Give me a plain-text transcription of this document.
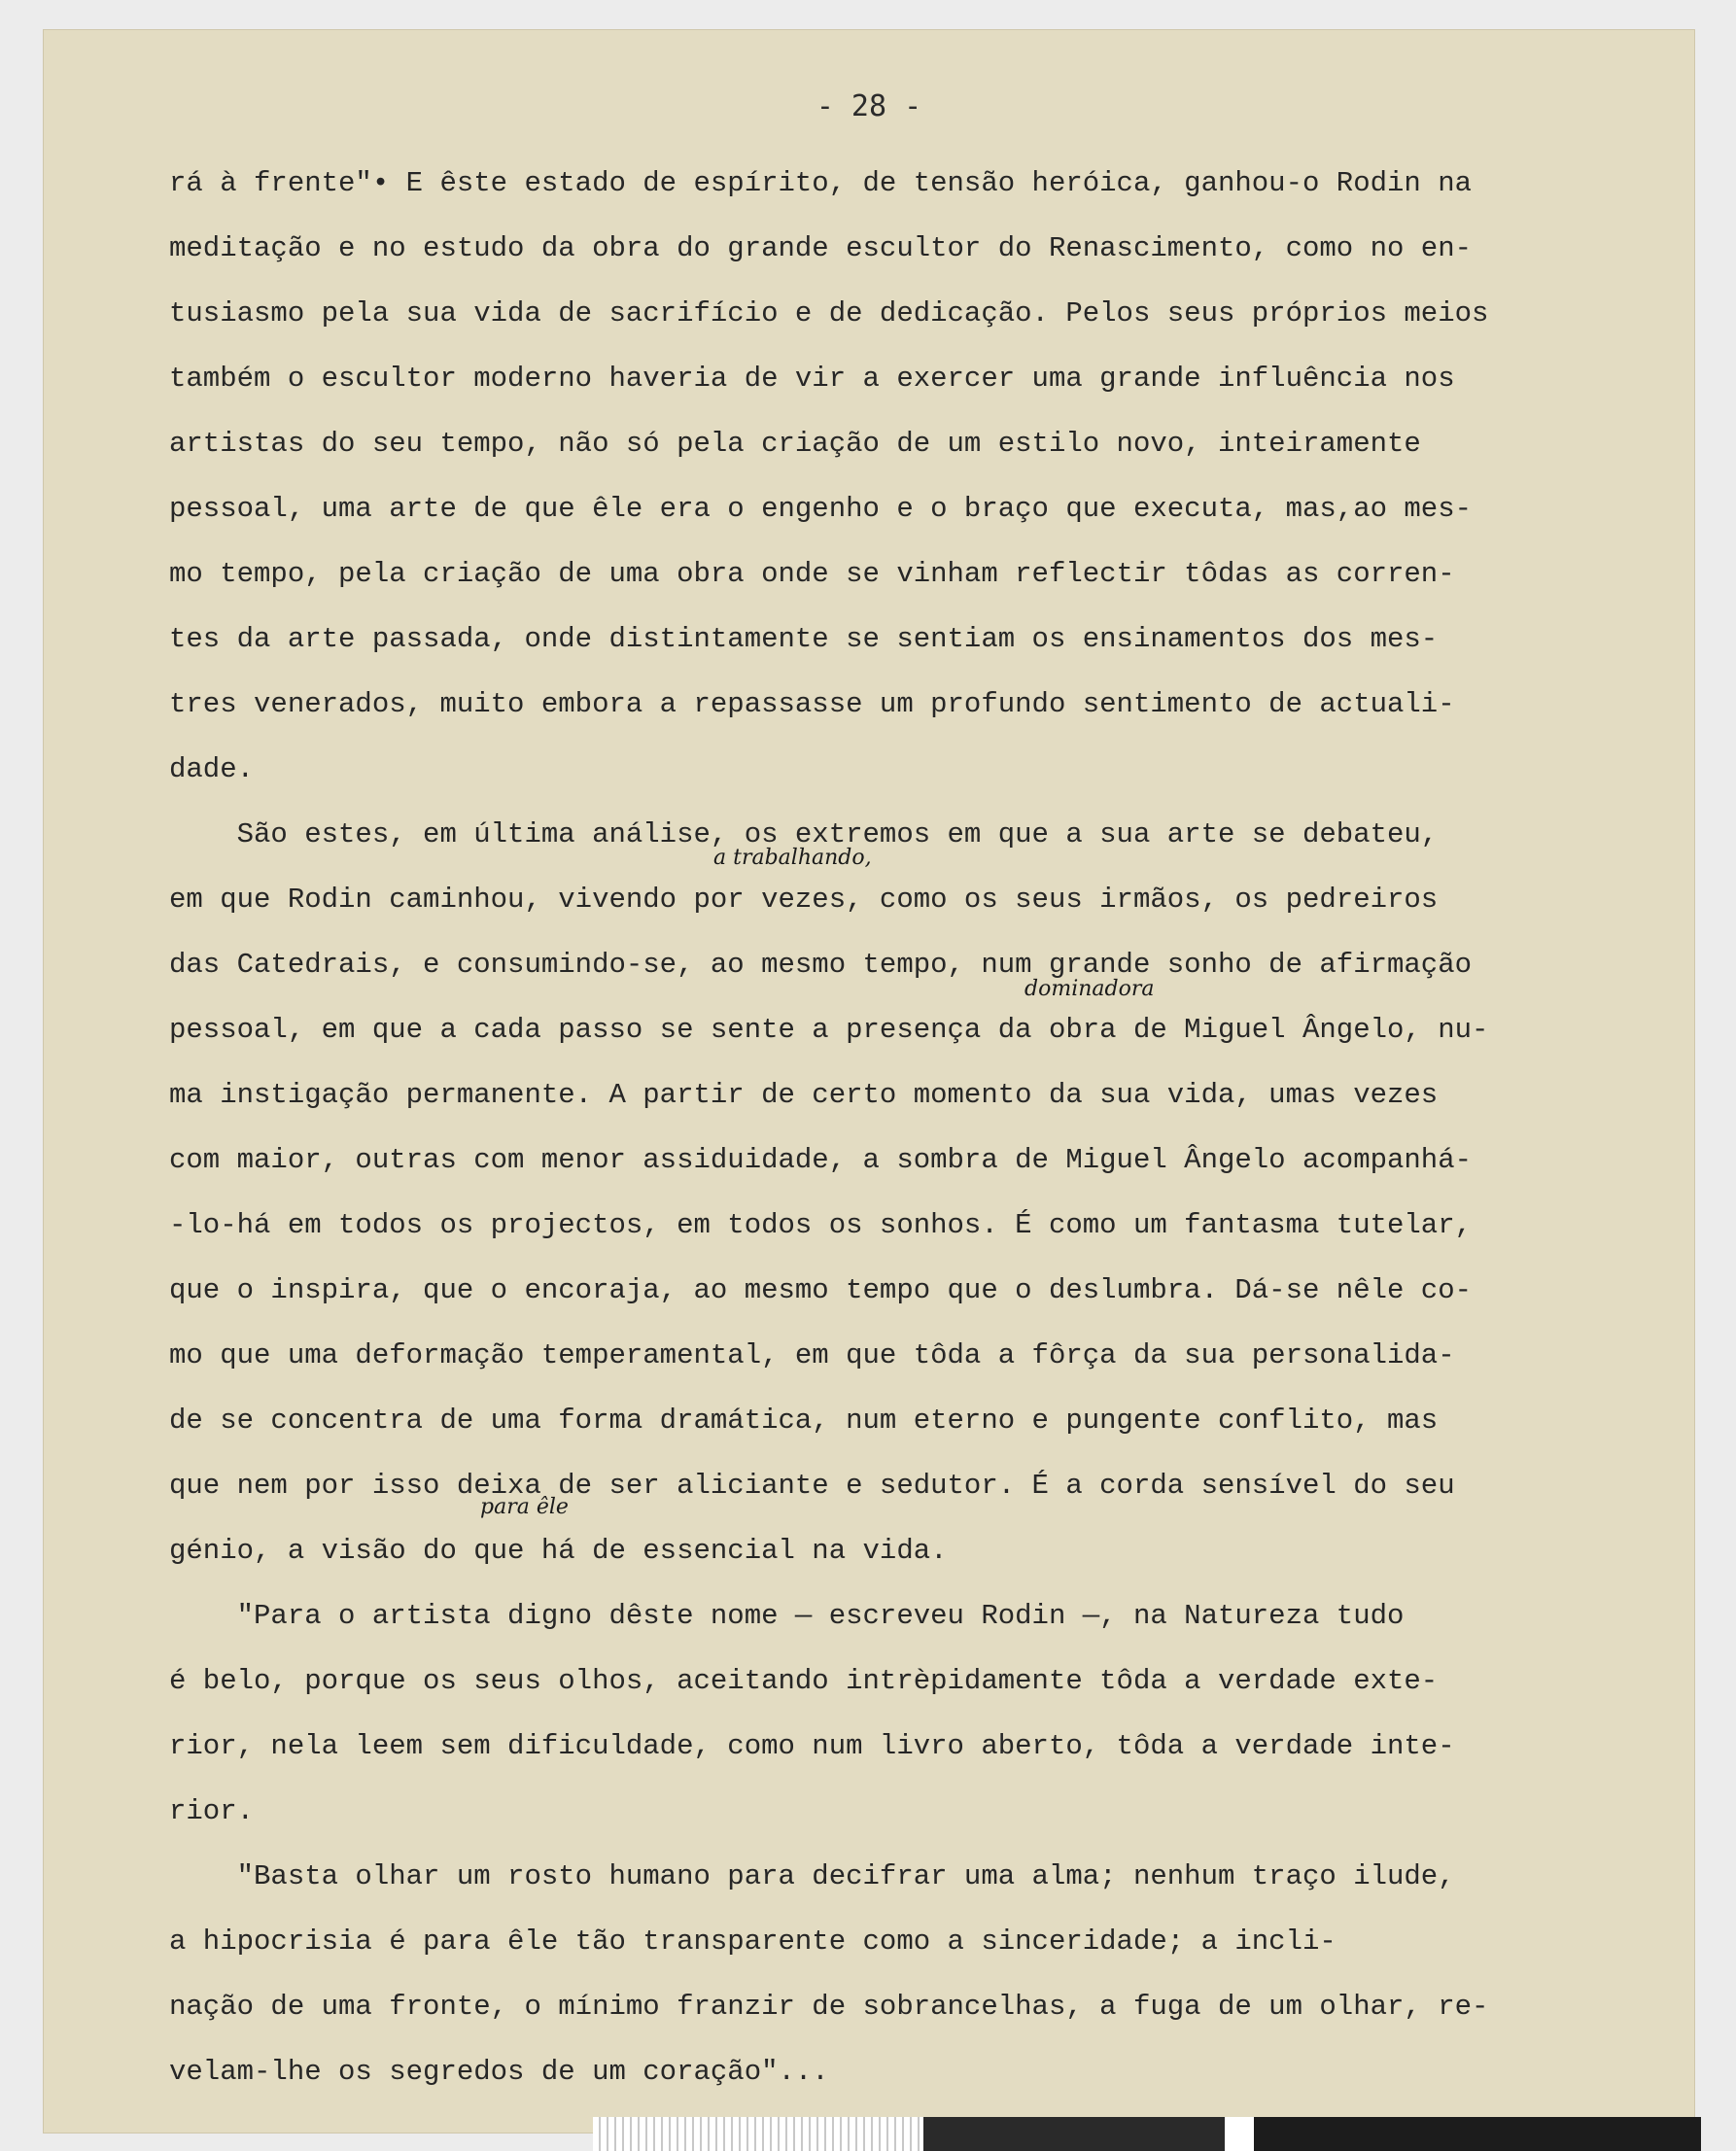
- 28 -
rá à frente"• E êste estado de espírito, de tensão heróica, ganhou-o Rodin na
meditação e no estudo da obra do grande escultor do Renascimento, como no en-
tusiasmo pela sua vida de sacrifício e de dedicação. Pelos seus próprios meios
também o escultor moderno haveria de vir a exercer uma grande influência nos
artistas do seu tempo, não só pela criação de um estilo novo, inteiramente
pessoal, uma arte de que êle era o engenho e o braço que executa, mas,ao mes-
mo tempo, pela criação de uma obra onde se vinham reflectir tôdas as corren-
tes da arte passada, onde distintamente se sentiam os ensinamentos dos mes-
tres venerados, muito embora a repassasse um profundo sentimento de actuali-
dade.
São estes, em última análise, os extremos em que a sua arte se debateu,
em que Rodin caminhou, vivendo por vezes, como os seus irmãos, os pedreiros
das Catedrais, e consumindo-se, ao mesmo tempo, num grande sonho de afirmação
pessoal, em que a cada passo se sente a presença da obra de Miguel Ângelo, nu-
ma instigação permanente. A partir de certo momento da sua vida, umas vezes
com maior, outras com menor assiduidade, a sombra de Miguel Ângelo acompanhá-
-lo-há em todos os projectos, em todos os sonhos. É como um fantasma tutelar,
que o inspira, que o encoraja, ao mesmo tempo que o deslumbra. Dá-se nêle co-
mo que uma deformação temperamental, em que tôda a fôrça da sua personalida-
de se concentra de uma forma dramática, num eterno e pungente conflito, mas
que nem por isso deixa de ser aliciante e sedutor. É a corda sensível do seu
génio, a visão do que há de essencial na vida.
"Para o artista digno dêste nome — escreveu Rodin —, na Natureza tudo
é belo, porque os seus olhos, aceitando intrèpidamente tôda a verdade exte-
rior, nela leem sem dificuldade, como num livro aberto, tôda a verdade inte-
rior.
"Basta olhar um rosto humano para decifrar uma alma; nenhum traço ilude,
a hipocrisia é para êle tão transparente como a sinceridade; a incli-
nação de uma fronte, o mínimo franzir de sobrancelhas, a fuga de um olhar, re-
velam-lhe os segredos de um coração"...
a trabalhando,
dominadora
para êle
